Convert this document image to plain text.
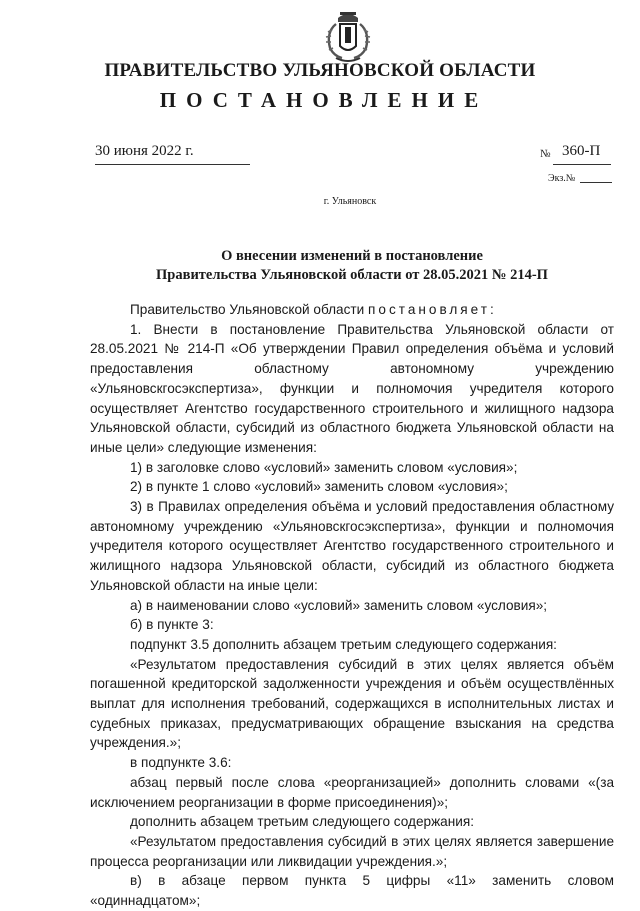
ПРАВИТЕЛЬСТВО УЛЬЯНОВСКОЙ ОБЛАСТИ
ПОСТАНОВЛЕНИЕ
30 июня 2022 г.	№ 360-П
Экз.№
г. Ульяновск
О внесении изменений в постановление
Правительства Ульяновской области от 28.05.2021 № 214-П

Правительство Ульяновской области постановляет:

1. Внести в постановление Правительства Ульяновской области от 28.05.2021 № 214-П «Об утверждении Правил определения объёма и условий предоставления областному автономному учреждению «Ульяновскгосэкспертиза», функции и полномочия учредителя которого осуществляет Агентство государственного строительного и жилищного надзора Ульяновской области, субсидий из областного бюджета Ульяновской области на иные цели» следующие изменения:

1) в заголовке слово «условий» заменить словом «условия»;

2) в пункте 1 слово «условий» заменить словом «условия»;

3) в Правилах определения объёма и условий предоставления областному автономному учреждению «Ульяновскгосэкспертиза», функции и полномочия учредителя которого осуществляет Агентство государственного строительного и жилищного надзора Ульяновской области, субсидий из областного бюджета Ульяновской области на иные цели:

а) в наименовании слово «условий» заменить словом «условия»;

б) в пункте 3:

подпункт 3.5 дополнить абзацем третьим следующего содержания:

«Результатом предоставления субсидий в этих целях является объём погашенной кредиторской задолженности учреждения и объём осуществлённых выплат для исполнения требований, содержащихся в исполнительных листах и судебных приказах, предусматривающих обращение взыскания на средства учреждения.»;

в подпункте 3.6:

абзац первый после слова «реорганизацией» дополнить словами «(за исключением реорганизации в форме присоединения)»;

дополнить абзацем третьим следующего содержания:

«Результатом предоставления субсидий в этих целях является завершение процесса реорганизации или ликвидации учреждения.»;

в) в абзаце первом пункта 5 цифры «11» заменить словом «одиннадцатом»;
